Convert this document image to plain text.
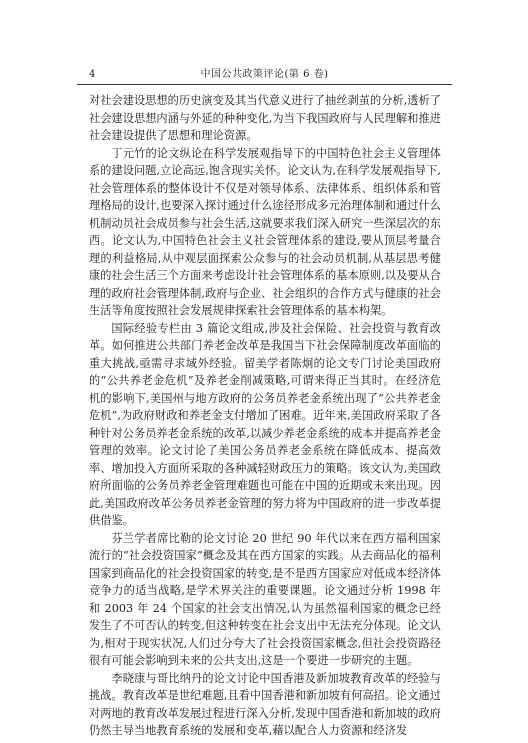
4	中国公共政策评论(第 6 卷)

对社会建设思想的历史演变及其当代意义进行了抽丝剥茧的分析,透析了社会建设思想内涵与外延的种种变化,为当下我国政府与人民理解和推进社会建设提供了思想和理论资源。

丁元竹的论文纵论在科学发展观指导下的中国特色社会主义管理体系的建设问题,立论高远,饱含现实关怀。论文认为,在科学发展观指导下,社会管理体系的整体设计不仅是对领导体系、法律体系、组织体系和管理格局的设计,也要深入探讨通过什么途径形成多元治理体制和通过什么机制动员社会成员参与社会生活,这就要求我们深入研究一些深层次的东西。论文认为,中国特色社会主义社会管理体系的建设,要从顶层考量合理的利益格局,从中观层面探索公众参与的社会动员机制,从基层思考健康的社会生活三个方面来考虑设计社会管理体系的基本原则,以及要从合理的政府社会管理体制,政府与企业、社会组织的合作方式与健康的社会生活等角度按照社会发展规律探索社会管理体系的基本构架。

国际经验专栏由 3 篇论文组成,涉及社会保险、社会投资与教育改革。如何推进公共部门养老金改革是我国当下社会保障制度改革面临的重大挑战,亟需寻求域外经验。留美学者陈炯的论文专门讨论美国政府的“公共养老金危机”及养老金削减策略,可谓来得正当其时。在经济危机的影响下,美国州与地方政府的公务员养老金系统出现了“公共养老金危机”,为政府财政和养老金支付增加了困难。近年来,美国政府采取了各种针对公务员养老金系统的改革,以减少养老金系统的成本并提高养老金管理的效率。论文讨论了美国公务员养老金系统在降低成本、提高效率、增加投入方面所采取的各种减轻财政压力的策略。该文认为,美国政府所面临的公务员养老金管理难题也可能在中国的近期或未来出现。因此,美国政府改革公务员养老金管理的努力将为中国政府的进一步改革提供借鉴。

芬兰学者席比勒的论文讨论 20 世纪 90 年代以来在西方福利国家流行的“社会投资国家”概念及其在西方国家的实践。从去商品化的福利国家到商品化的社会投资国家的转变,是不是西方国家应对低成本经济体竞争力的适当战略,是学术界关注的重要课题。论文通过分析 1998 年和 2003 年 24 个国家的社会支出情况,认为虽然福利国家的概念已经发生了不可否认的转变,但这种转变在社会支出中无法充分体现。论文认为,相对于现实状况,人们过分夸大了社会投资国家概念,但社会投资路径很有可能会影响到未来的公共支出,这是一个要进一步研究的主题。

李晓康与哥比纳丹的论文讨论中国香港及新加坡教育改革的经验与挑战。教育改革是世纪难题,且看中国香港和新加坡有何高招。论文通过对两地的教育改革发展过程进行深入分析,发现中国香港和新加坡的政府仍然主导当地教育系统的发展和变革,藉以配合人力资源和经济发
